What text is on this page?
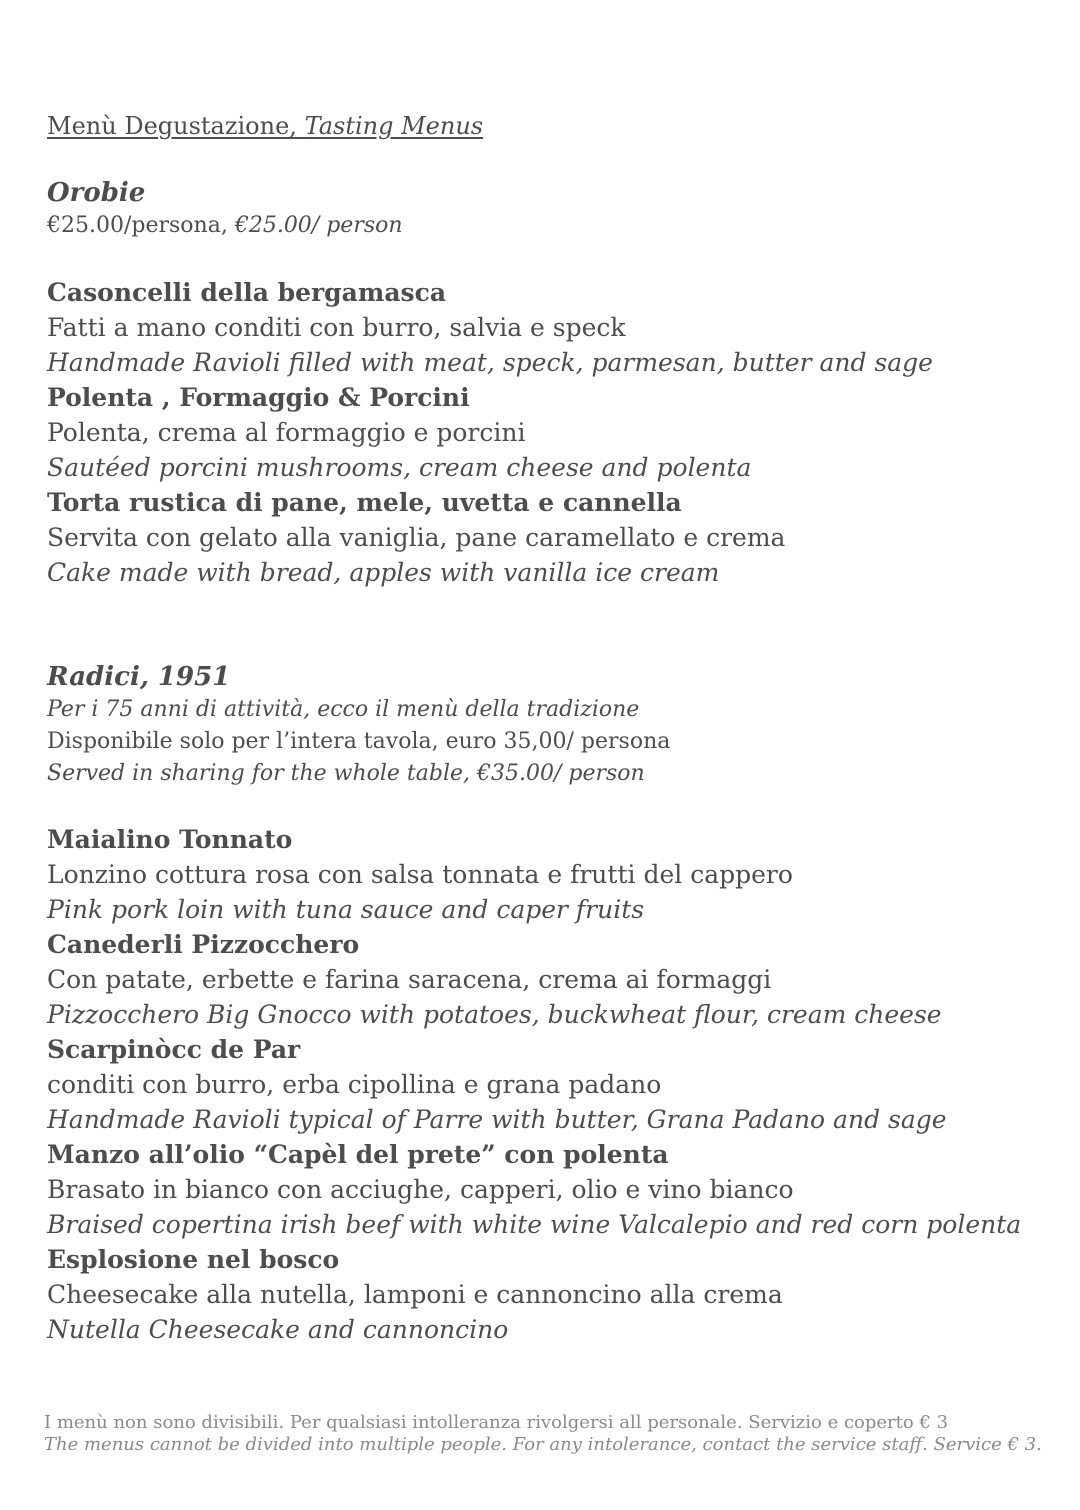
Menù Degustazione, Tasting Menus
Orobie
€25.00/persona, €25.00/ person
Casoncelli della bergamasca
Fatti a mano conditi con burro, salvia e speck
Handmade Ravioli filled with meat, speck, parmesan, butter and sage
Polenta , Formaggio & Porcini
Polenta, crema al formaggio e porcini
Sautéed porcini mushrooms, cream cheese and polenta
Torta rustica di pane, mele, uvetta e cannella
Servita con gelato alla vaniglia, pane caramellato e crema
Cake made with bread, apples with vanilla ice cream
Radici, 1951
Per i 75 anni di attività, ecco il menù della tradizione
Disponibile solo per l’intera tavola, euro 35,00/ persona
Served in sharing for the whole table, €35.00/ person
Maialino Tonnato
Lonzino cottura rosa con salsa tonnata e frutti del cappero
Pink pork loin with tuna sauce and caper fruits
Canederli Pizzocchero
Con patate, erbette e farina saracena, crema ai formaggi
Pizzocchero Big Gnocco with potatoes, buckwheat flour, cream cheese
Scarpinòcc de Par
conditi con burro, erba cipollina e grana padano
Handmade Ravioli typical of Parre with butter, Grana Padano and sage
Manzo all’olio “Capèl del prete” con polenta
Brasato in bianco con acciughe, capperi, olio e vino bianco
Braised copertina irish beef with white wine Valcalepio and red corn polenta
Esplosione nel bosco
Cheesecake alla nutella, lamponi e cannoncino alla crema
Nutella Cheesecake and cannoncino
I menù non sono divisibili. Per qualsiasi intolleranza rivolgersi all personale. Servizio e coperto € 3
The menus cannot be divided into multiple people. For any intolerance, contact the service staff. Service € 3.
